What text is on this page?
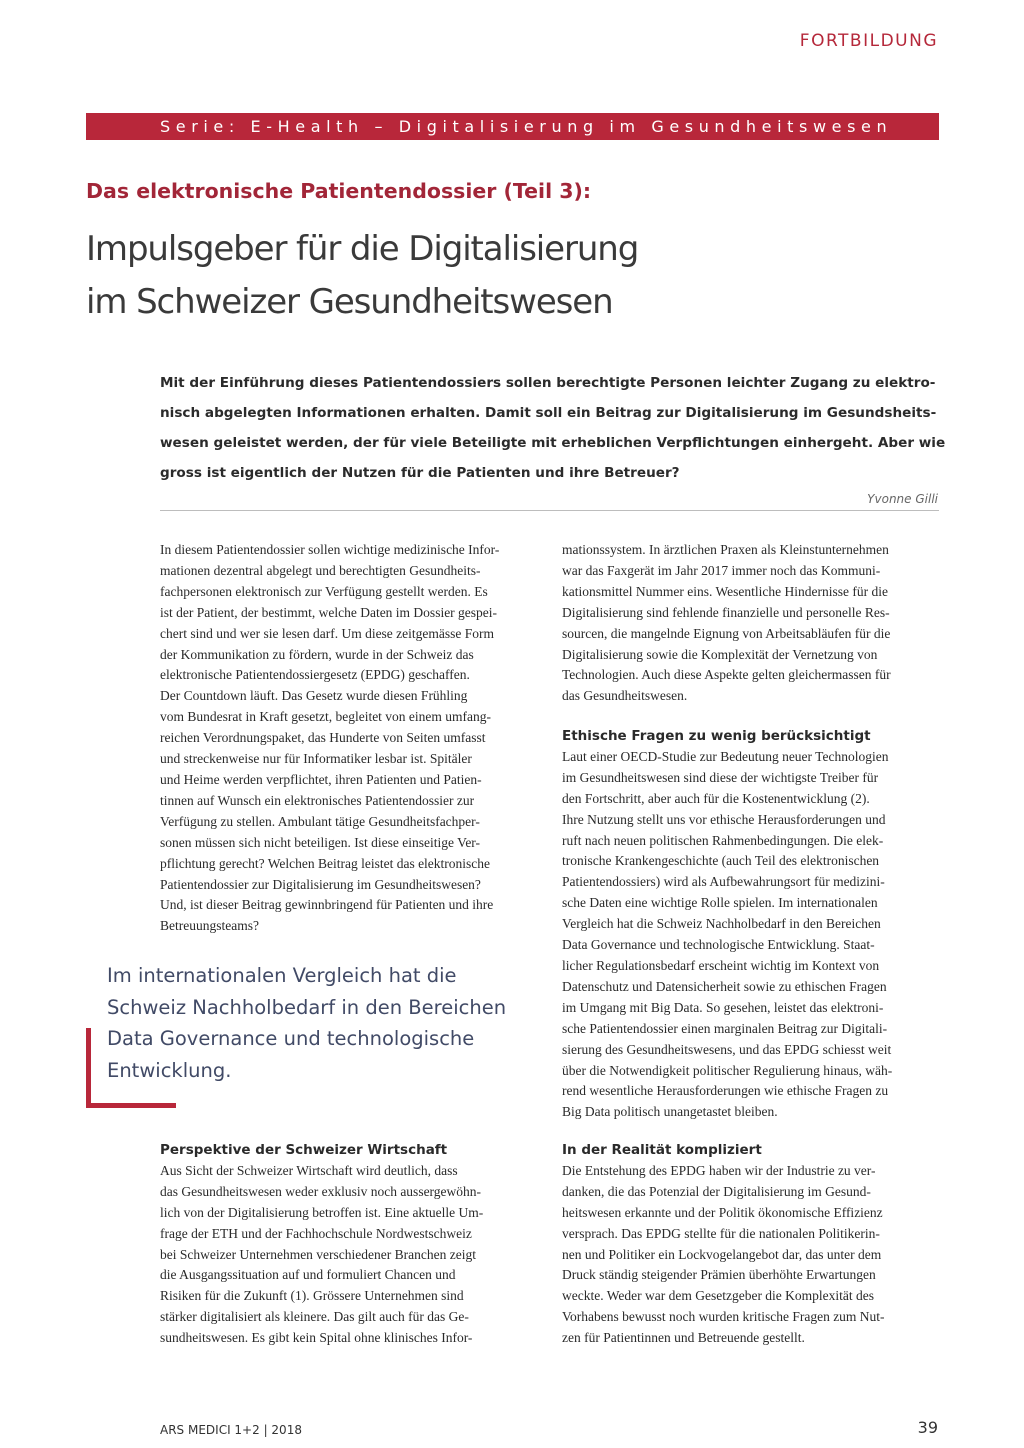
FORTBILDUNG
Serie: E-Health – Digitalisierung im Gesundheitswesen
Das elektronische Patientendossier (Teil 3):
Impulsgeber für die Digitalisierung
im Schweizer Gesundheitswesen
Mit der Einführung dieses Patientendossiers sollen berechtigte Personen leichter Zugang zu elektro-
nisch abgelegten Informationen erhalten. Damit soll ein Beitrag zur Digitalisierung im Gesundsheits-
wesen geleistet werden, der für viele Beteiligte mit erheblichen Verpflichtungen einhergeht. Aber wie
gross ist eigentlich der Nutzen für die Patienten und ihre Betreuer?
Yvonne Gilli
In diesem Patientendossier sollen wichtige medizinische Infor-
mationen dezentral abgelegt und berechtigten Gesundheits-
fachpersonen elektronisch zur Verfügung gestellt werden. Es
ist der Patient, der bestimmt, welche Daten im Dossier gespei-
chert sind und wer sie lesen darf. Um diese zeitgemässe Form
der Kommunikation zu fördern, wurde in der Schweiz das
elektronische Patientendossiergesetz (EPDG) geschaffen.
Der Countdown läuft. Das Gesetz wurde diesen Frühling
vom Bundesrat in Kraft gesetzt, begleitet von einem umfang-
reichen Verordnungspaket, das Hunderte von Seiten umfasst
und streckenweise nur für Informatiker lesbar ist. Spitäler
und Heime werden verpflichtet, ihren Patienten und Patien-
tinnen auf Wunsch ein elektronisches Patientendossier zur
Verfügung zu stellen. Ambulant tätige Gesundheitsfachper-
sonen müssen sich nicht beteiligen. Ist diese einseitige Ver-
pflichtung gerecht? Welchen Beitrag leistet das elektronische
Patientendossier zur Digitalisierung im Gesundheitswesen?
Und, ist dieser Beitrag gewinnbringend für Patienten und ihre
Betreuungsteams?
Im internationalen Vergleich hat die
Schweiz Nachholbedarf in den Bereichen
Data Governance und technologische
Entwicklung.
Perspektive der Schweizer Wirtschaft
Aus Sicht der Schweizer Wirtschaft wird deutlich, dass
das Gesundheitswesen weder exklusiv noch aussergewöhn-
lich von der Digitalisierung betroffen ist. Eine aktuelle Um-
frage der ETH und der Fachhochschule Nordwestschweiz
bei Schweizer Unternehmen verschiedener Branchen zeigt
die Ausgangssituation auf und formuliert Chancen und
Risiken für die Zukunft (1). Grössere Unternehmen sind
stärker digitalisiert als kleinere. Das gilt auch für das Ge-
sundheitswesen. Es gibt kein Spital ohne klinisches Infor-
mationssystem. In ärztlichen Praxen als Kleinstunternehmen
war das Faxgerät im Jahr 2017 immer noch das Kommuni-
kationsmittel Nummer eins. Wesentliche Hindernisse für die
Digitalisierung sind fehlende finanzielle und personelle Res-
sourcen, die mangelnde Eignung von Arbeitsabläufen für die
Digitalisierung sowie die Komplexität der Vernetzung von
Technologien. Auch diese Aspekte gelten gleichermassen für
das Gesundheitswesen.
Ethische Fragen zu wenig berücksichtigt
Laut einer OECD-Studie zur Bedeutung neuer Technologien
im Gesundheitswesen sind diese der wichtigste Treiber für
den Fortschritt, aber auch für die Kostenentwicklung (2).
Ihre Nutzung stellt uns vor ethische Herausforderungen und
ruft nach neuen politischen Rahmenbedingungen. Die elek-
tronische Krankengeschichte (auch Teil des elektronischen
Patientendossiers) wird als Aufbewahrungsort für medizini-
sche Daten eine wichtige Rolle spielen. Im internationalen
Vergleich hat die Schweiz Nachholbedarf in den Bereichen
Data Governance und technologische Entwicklung. Staat-
licher Regulationsbedarf erscheint wichtig im Kontext von
Datenschutz und Datensicherheit sowie zu ethischen Fragen
im Umgang mit Big Data. So gesehen, leistet das elektroni-
sche Patientendossier einen marginalen Beitrag zur Digitali-
sierung des Gesundheitswesens, und das EPDG schiesst weit
über die Notwendigkeit politischer Regulierung hinaus, wäh-
rend wesentliche Herausforderungen wie ethische Fragen zu
Big Data politisch unangetastet bleiben.
In der Realität kompliziert
Die Entstehung des EPDG haben wir der Industrie zu ver-
danken, die das Potenzial der Digitalisierung im Gesund-
heitswesen erkannte und der Politik ökonomische Effizienz
versprach. Das EPDG stellte für die nationalen Politikerin-
nen und Politiker ein Lockvogelangebot dar, das unter dem
Druck ständig steigender Prämien überhöhte Erwartungen
weckte. Weder war dem Gesetzgeber die Komplexität des
Vorhabens bewusst noch wurden kritische Fragen zum Nut-
zen für Patientinnen und Betreuende gestellt.
ARS MEDICI 1+2 | 2018	39
